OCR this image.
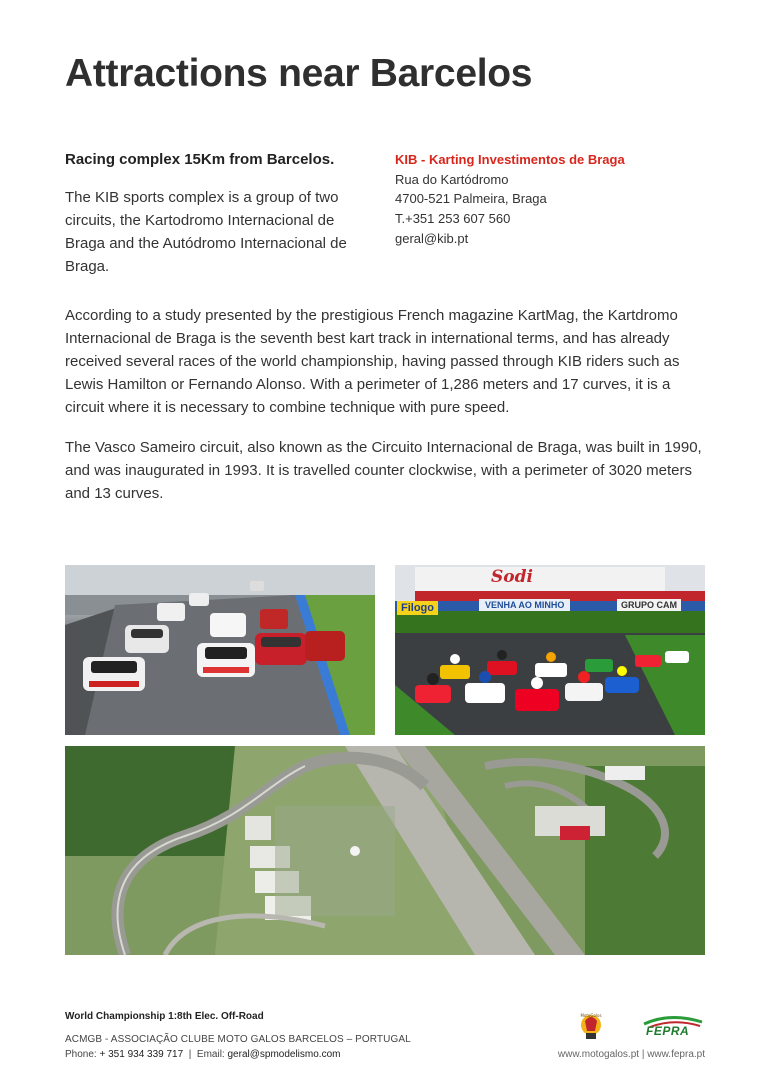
Attractions near Barcelos
Racing complex 15Km from Barcelos.

The KIB sports complex is a group of two circuits, the Kartodromo Internacional de Braga and the Autódromo Internacional de Braga.

KIB - Karting Investimentos de Braga
Rua do Kartódromo
4700-521 Palmeira, Braga
T.+351 253 607 560
geral@kib.pt

According to a study presented by the prestigious French magazine KartMag, the Kartdromo Internacional de Braga is the seventh best kart track in international terms, and has already received several races of the world championship, having passed through KIB riders such as Lewis Hamilton or Fernando Alonso. With a perimeter of 1,286 meters and 17 curves, it is a circuit where it is necessary to combine technique with pure speed.

The Vasco Sameiro circuit, also known as the Circuito Internacional de Braga, was built in 1990, and was inaugurated in 1993. It is travelled counter clockwise, with a perimeter of 3020 meters and 13 curves.

Sodi
Filogo	VENHA AO MINHO	GRUPO CAM
World Championship 1:8th Elec. Off-Road
ACMGB - ASSOCIAÇÃO CLUBE MOTO GALOS BARCELOS – PORTUGAL
Phone: + 351 934 339 717 | Email: geral@spmodelismo.com
MotoGalos
FEPRA
www.motogalos.pt | www.fepra.pt
